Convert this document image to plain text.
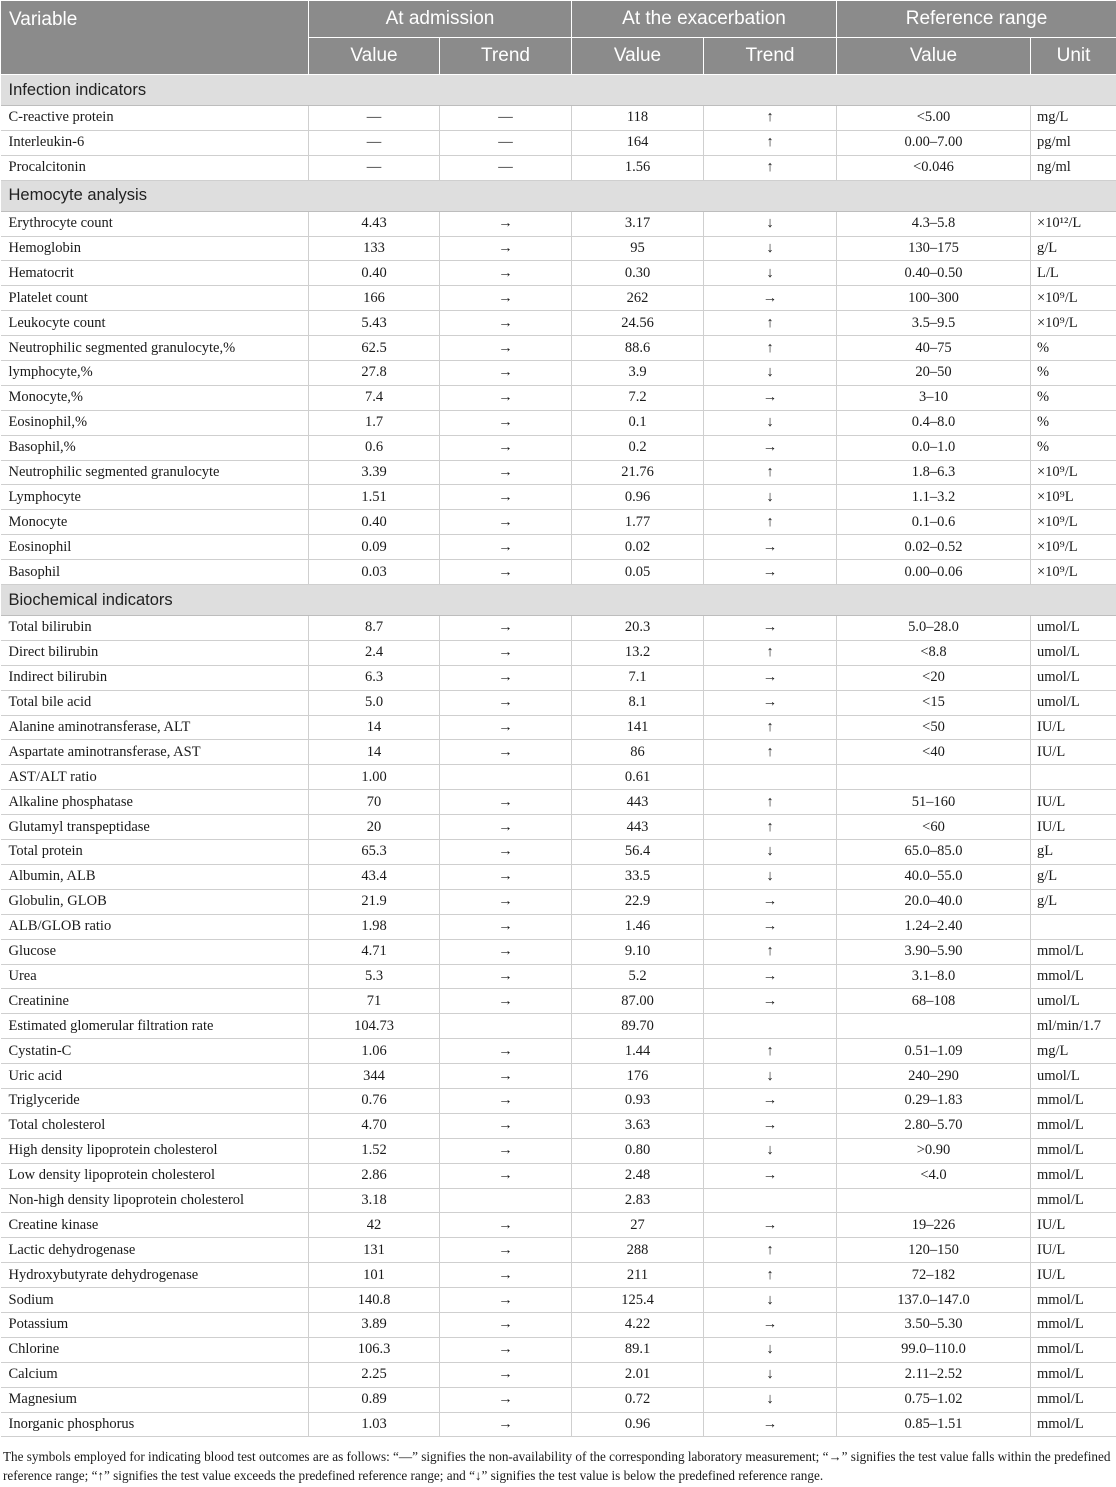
Variable	At admission		At the exacerbation		Reference range	
	Value	Trend	Value	Trend	Value	Unit
Infection indicators						
C-reactive protein	—	—	118	↑	<5.00	mg/L
Interleukin-6	—	—	164	↑	0.00–7.00	pg/ml
Procalcitonin	—	—	1.56	↑	<0.046	ng/ml
Hemocyte analysis						
Erythrocyte count	4.43	→	3.17	↓	4.3–5.8	×10¹²/L
Hemoglobin	133	→	95	↓	130–175	g/L
Hematocrit	0.40	→	0.30	↓	0.40–0.50	L/L
Platelet count	166	→	262	→	100–300	×10⁹/L
Leukocyte count	5.43	→	24.56	↑	3.5–9.5	×10⁹/L
Neutrophilic segmented granulocyte,%	62.5	→	88.6	↑	40–75	%
lymphocyte,%	27.8	→	3.9	↓	20–50	%
Monocyte,%	7.4	→	7.2	→	3–10	%
Eosinophil,%	1.7	→	0.1	↓	0.4–8.0	%
Basophil,%	0.6	→	0.2	→	0.0–1.0	%
Neutrophilic segmented granulocyte	3.39	→	21.76	↑	1.8–6.3	×10⁹/L
Lymphocyte	1.51	→	0.96	↓	1.1–3.2	×10⁹L
Monocyte	0.40	→	1.77	↑	0.1–0.6	×10⁹/L
Eosinophil	0.09	→	0.02	→	0.02–0.52	×10⁹/L
Basophil	0.03	→	0.05	→	0.00–0.06	×10⁹/L
Biochemical indicators						
Total bilirubin	8.7	→	20.3	→	5.0–28.0	umol/L
Direct bilirubin	2.4	→	13.2	↑	<8.8	umol/L
Indirect bilirubin	6.3	→	7.1	→	<20	umol/L
Total bile acid	5.0	→	8.1	→	<15	umol/L
Alanine aminotransferase, ALT	14	→	141	↑	<50	IU/L
Aspartate aminotransferase, AST	14	→	86	↑	<40	IU/L
AST/ALT ratio	1.00		0.61			
Alkaline phosphatase	70	→	443	↑	51–160	IU/L
Glutamyl transpeptidase	20	→	443	↑	<60	IU/L
Total protein	65.3	→	56.4	↓	65.0–85.0	gL
Albumin, ALB	43.4	→	33.5	↓	40.0–55.0	g/L
Globulin, GLOB	21.9	→	22.9	→	20.0–40.0	g/L
ALB/GLOB ratio	1.98	→	1.46	→	1.24–2.40	
Glucose	4.71	→	9.10	↑	3.90–5.90	mmol/L
Urea	5.3	→	5.2	→	3.1–8.0	mmol/L
Creatinine	71	→	87.00	→	68–108	umol/L
Estimated glomerular filtration rate	104.73		89.70			ml/min/1.7
Cystatin-C	1.06	→	1.44	↑	0.51–1.09	mg/L
Uric acid	344	→	176	↓	240–290	umol/L
Triglyceride	0.76	→	0.93	→	0.29–1.83	mmol/L
Total cholesterol	4.70	→	3.63	→	2.80–5.70	mmol/L
High density lipoprotein cholesterol	1.52	→	0.80	↓	>0.90	mmol/L
Low density lipoprotein cholesterol	2.86	→	2.48	→	<4.0	mmol/L
Non-high density lipoprotein cholesterol	3.18		2.83			mmol/L
Creatine kinase	42	→	27	→	19–226	IU/L
Lactic dehydrogenase	131	→	288	↑	120–150	IU/L
Hydroxybutyrate dehydrogenase	101	→	211	↑	72–182	IU/L
Sodium	140.8	→	125.4	↓	137.0–147.0	mmol/L
Potassium	3.89	→	4.22	→	3.50–5.30	mmol/L
Chlorine	106.3	→	89.1	↓	99.0–110.0	mmol/L
Calcium	2.25	→	2.01	↓	2.11–2.52	mmol/L
Magnesium	0.89	→	0.72	↓	0.75–1.02	mmol/L
Inorganic phosphorus	1.03	→	0.96	→	0.85–1.51	mmol/L
The symbols employed for indicating blood test outcomes are as follows: “—” signifies the non-availability of the corresponding laboratory measurement; “→” signifies the test value falls within the predefined reference range; “↑” signifies the test value exceeds the predefined reference range; and “↓” signifies the test value is below the predefined reference range.
